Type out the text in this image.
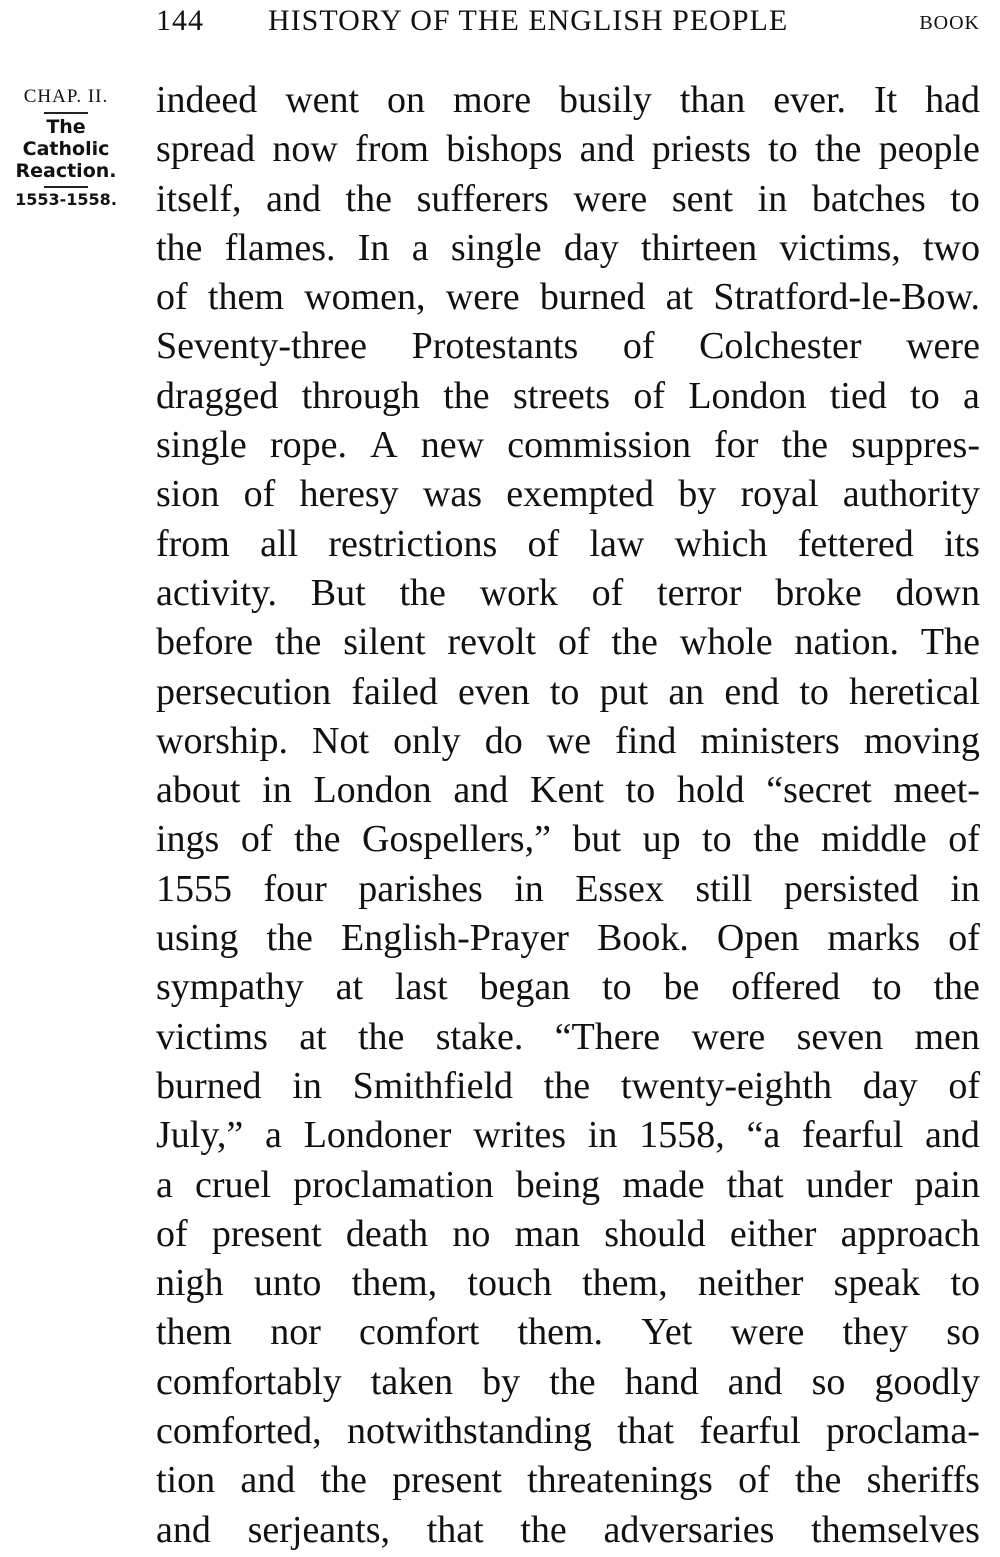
144 HISTORY OF THE ENGLISH PEOPLE	BOOK
CHAP. II.
The
Catholic
Reaction.
1553-1558.
indeed went on more busily than ever. It had
spread now from bishops and priests to the people
itself, and the sufferers were sent in batches to
the flames. In a single day thirteen victims, two
of them women, were burned at Stratford-le-Bow.
Seventy-three Protestants of Colchester were
dragged through the streets of London tied to a
single rope. A new commission for the suppres-
sion of heresy was exempted by royal authority
from all restrictions of law which fettered its
activity. But the work of terror broke down
before the silent revolt of the whole nation. The
persecution failed even to put an end to heretical
worship. Not only do we find ministers moving
about in London and Kent to hold “secret meet-
ings of the Gospellers,” but up to the middle of
1555 four parishes in Essex still persisted in
using the English-Prayer Book. Open marks of
sympathy at last began to be offered to the
victims at the stake. “There were seven men
burned in Smithfield the twenty-eighth day of
July,” a Londoner writes in 1558, “a fearful and
a cruel proclamation being made that under pain
of present death no man should either approach
nigh unto them, touch them, neither speak to
them nor comfort them. Yet were they so
comfortably taken by the hand and so goodly
comforted, notwithstanding that fearful proclama-
tion and the present threatenings of the sheriffs
and serjeants, that the adversaries themselves
